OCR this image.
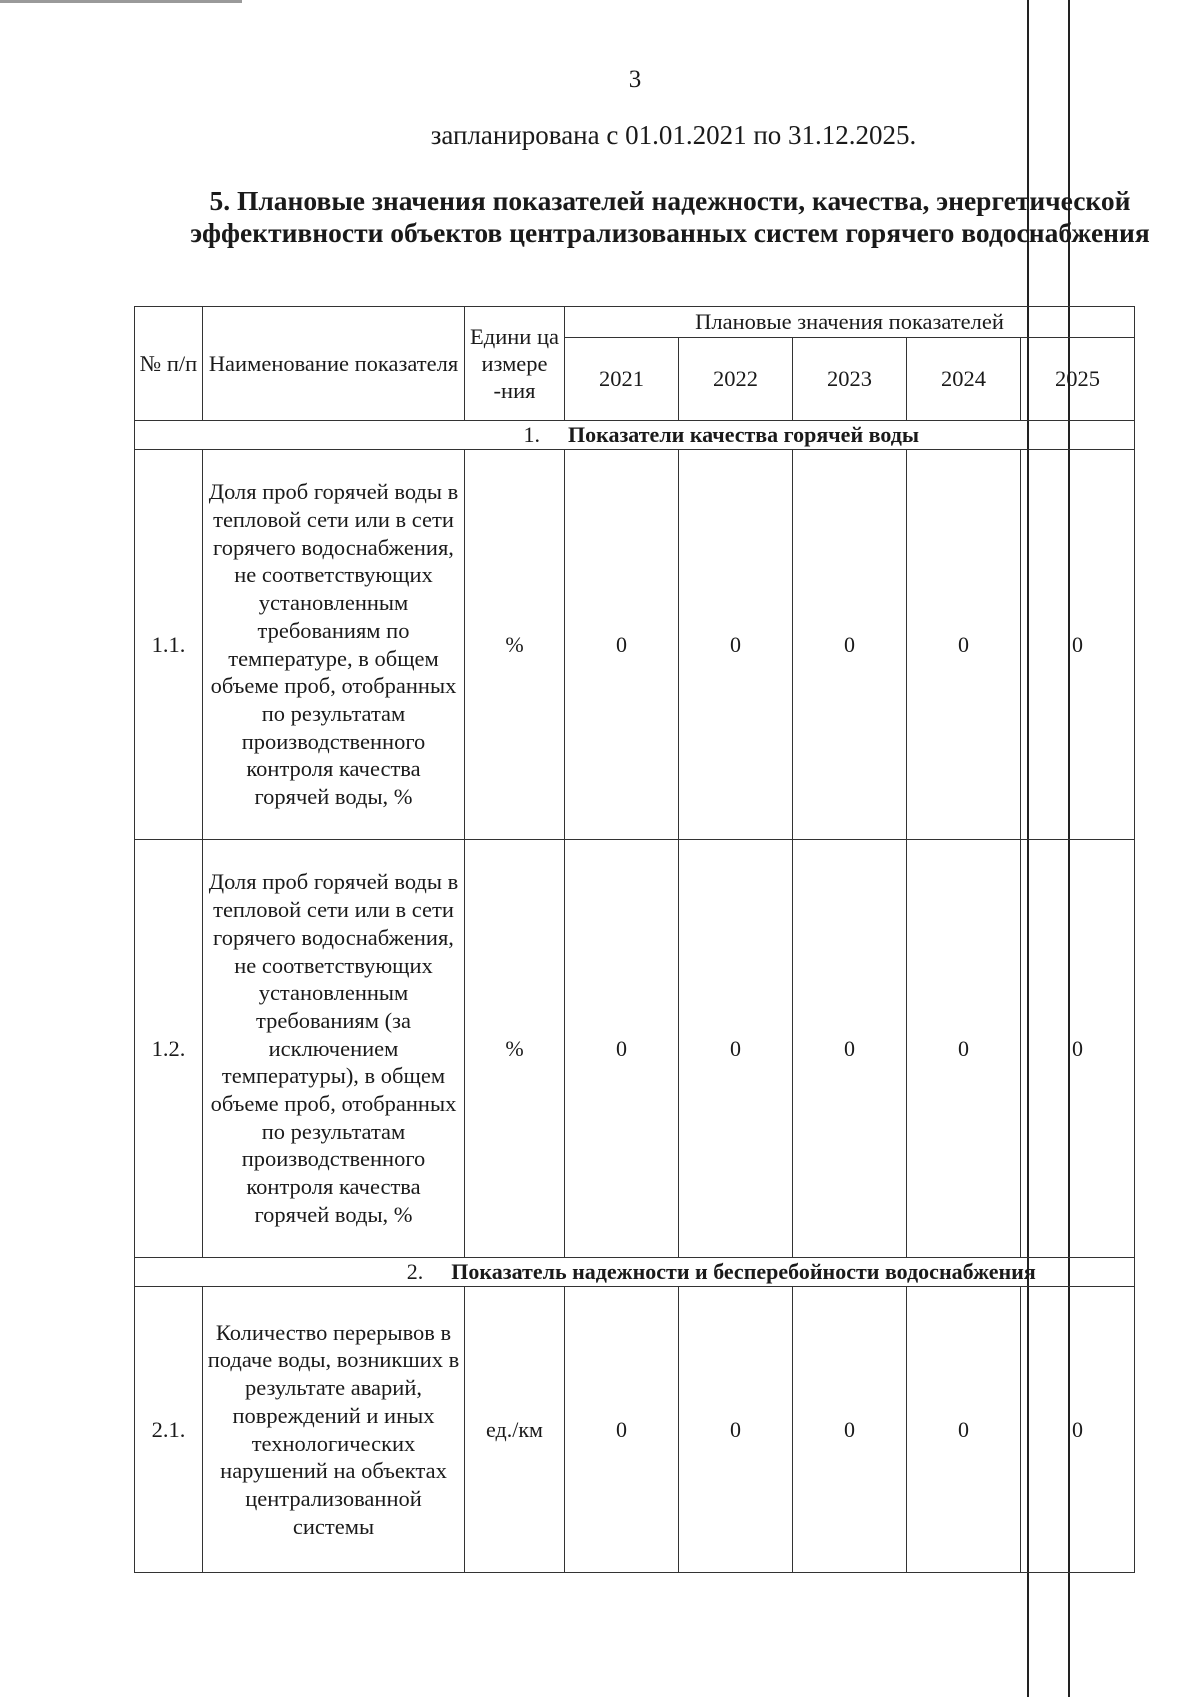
3
запланирована с 01.01.2021 по 31.12.2025.
5. Плановые значения показателей надежности, качества, энергетической эффективности объектов централизованных систем горячего водоснабжения
№ п/п	Наименование показателя	Едини ца измере -ния	Плановые значения показателей				
			2021	2022	2023	2024	2025
1. Показатели качества горячей воды							
1.1.	Доля проб горячей воды в тепловой сети или в сети горячего водоснабжения, не соответствующих установленным требованиям по температуре, в общем объеме проб, отобранных по результатам производственного контроля качества горячей воды, %	%	0	0	0	0	0
1.2.	Доля проб горячей воды в тепловой сети или в сети горячего водоснабжения, не соответствующих установленным требованиям (за исключением температуры), в общем объеме проб, отобранных по результатам производственного контроля качества горячей воды, %	%	0	0	0	0	0
2. Показатель надежности и бесперебойности водоснабжения							
2.1.	Количество перерывов в подаче воды, возникших в результате аварий, повреждений и иных технологических нарушений на объектах централизованной системы	ед./км	0	0	0	0	0
